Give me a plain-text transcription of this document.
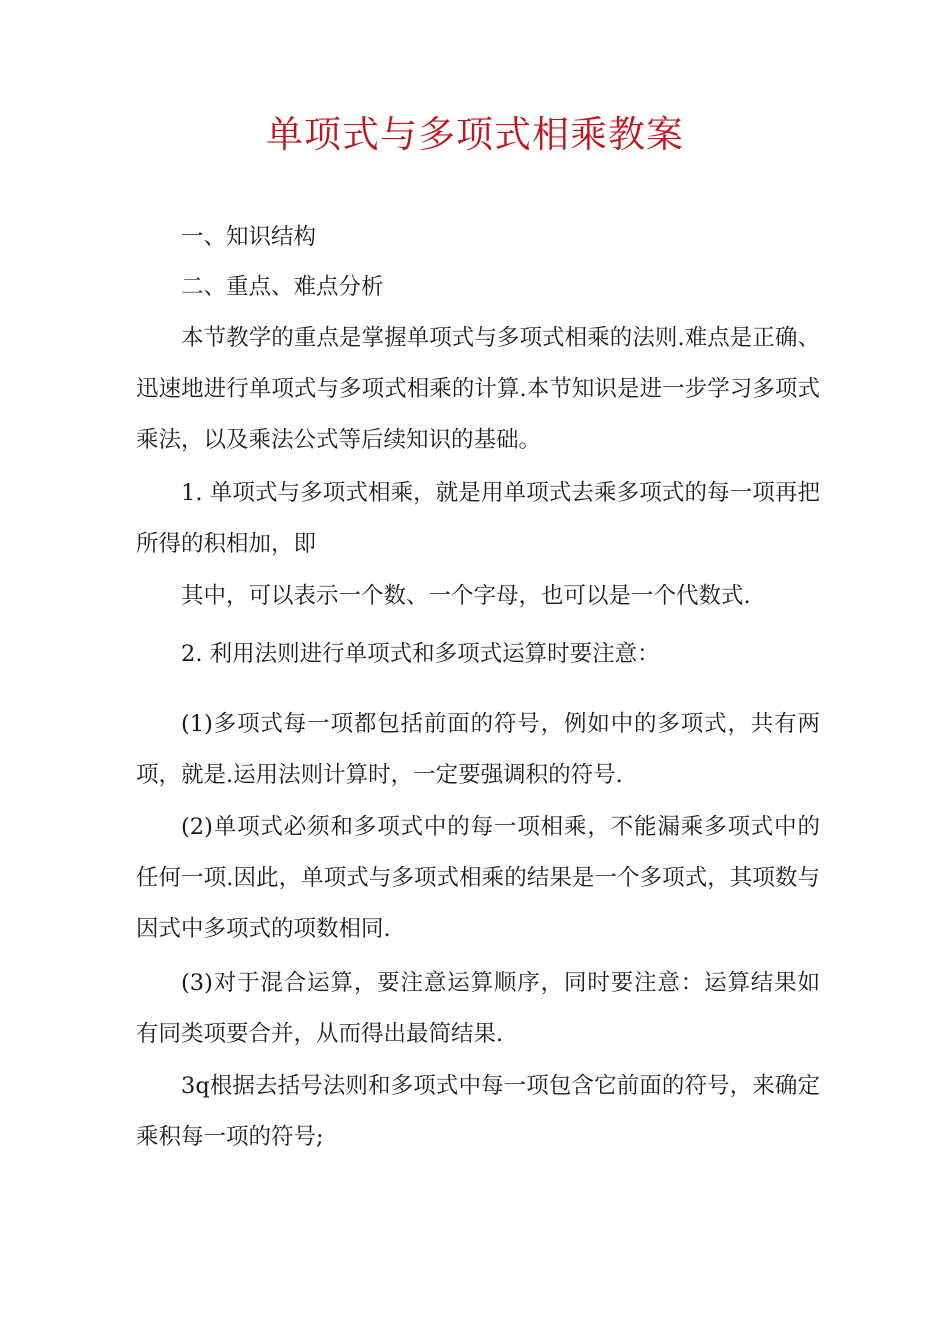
单项式与多项式相乘教案

一、知识结构

二、重点、难点分析

本节教学的重点是掌握单项式与多项式相乘的法则.难点是正确、迅速地进行单项式与多项式相乘的计算.本节知识是进一步学习多项式乘法，以及乘法公式等后续知识的基础。

1. 单项式与多项式相乘，就是用单项式去乘多项式的每一项再把所得的积相加，即

其中，可以表示一个数、一个字母，也可以是一个代数式.

2. 利用法则进行单项式和多项式运算时要注意：

(1)多项式每一项都包括前面的符号，例如中的多项式，共有两项，就是.运用法则计算时，一定要强调积的符号.

(2)单项式必须和多项式中的每一项相乘，不能漏乘多项式中的任何一项.因此，单项式与多项式相乘的结果是一个多项式，其项数与因式中多项式的项数相同.

(3)对于混合运算，要注意运算顺序，同时要注意：运算结果如有同类项要合并，从而得出最简结果.

3q根据去括号法则和多项式中每一项包含它前面的符号，来确定乘积每一项的符号;
